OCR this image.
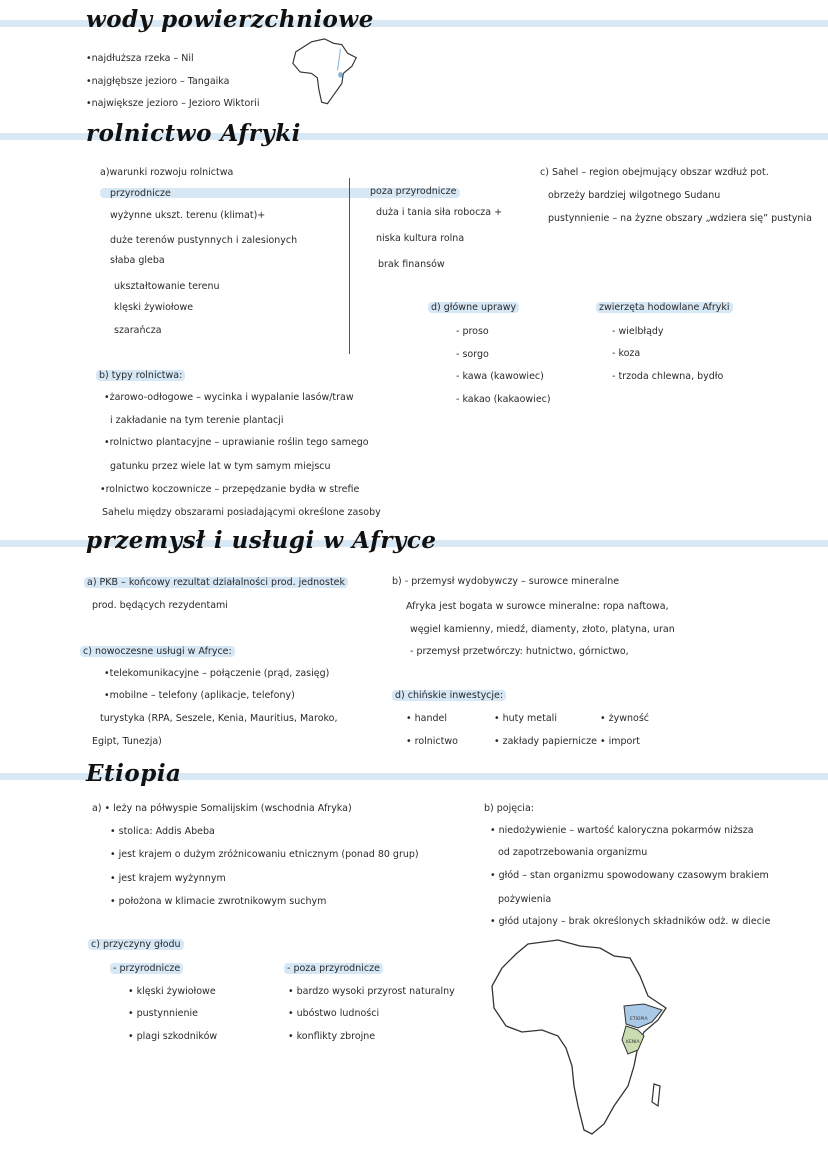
wody powierzchniowe
•najdłuższa rzeka – Nil
•najgłębsze jezioro – Tangaika
•największe jezioro – Jezioro Wiktorii
rolnictwo Afryki
a)warunki rozwoju rolnictwa
przyrodnicze
wyżynne ukszt. terenu (klimat)+
duże terenów pustynnych i zalesionych
słaba gleba
ukształtowanie terenu
klęski żywiołowe
szarańcza
poza przyrodnicze
duża i tania siła robocza +
niska kultura rolna
brak finansów
c) Sahel – region obejmujący obszar wzdłuż pot.
obrzeży bardziej wilgotnego Sudanu
pustynnienie – na żyzne obszary „wdziera się” pustynia
b) typy rolnictwa:
•żarowo-odłogowe – wycinka i wypalanie lasów/traw
i zakładanie na tym terenie plantacji
•rolnictwo plantacyjne – uprawianie roślin tego samego
gatunku przez wiele lat w tym samym miejscu
•rolnictwo koczownicze – przepędzanie bydła w strefie
Sahelu między obszarami posiadającymi określone zasoby
d) główne uprawy
- proso
- sorgo
- kawa (kawowiec)
- kakao (kakaowiec)
zwierzęta hodowlane Afryki
- wielbłądy
- koza
- trzoda chlewna, bydło
przemysł i usługi w Afryce
a) PKB – końcowy rezultat działalności prod. jednostek
prod. będących rezydentami
b) - przemysł wydobywczy – surowce mineralne
Afryka jest bogata w surowce mineralne: ropa naftowa,
węgiel kamienny, miedź, diamenty, złoto, platyna, uran
- przemysł przetwórczy: hutnictwo, górnictwo,
c) nowoczesne usługi w Afryce:
•telekomunikacyjne – połączenie (prąd, zasięg)
•mobilne – telefony (aplikacje, telefony)
turystyka (RPA, Seszele, Kenia, Mauritius, Maroko,
Egipt, Tunezja)
d) chińskie inwestycje:
• handel	• huty metali	• żywność
• rolnictwo	• zakłady papiernicze • import
Etiopia
a) • leży na półwyspie Somalijskim (wschodnia Afryka)
• stolica: Addis Abeba
• jest krajem o dużym zróżnicowaniu etnicznym (ponad 80 grup)
• jest krajem wyżynnym
• położona w klimacie zwrotnikowym suchym
b) pojęcia:
• niedożywienie – wartość kaloryczna pokarmów niższa
od zapotrzebowania organizmu
• głód – stan organizmu spowodowany czasowym brakiem
pożywienia
• głód utajony – brak określonych składników odż. w diecie
c) przyczyny głodu
- przyrodnicze
• klęski żywiołowe
• pustynnienie
• plagi szkodników
- poza przyrodnicze
• bardzo wysoki przyrost naturalny
• ubóstwo ludności
• konflikty zbrojne
ETIOPIA
KENIA
